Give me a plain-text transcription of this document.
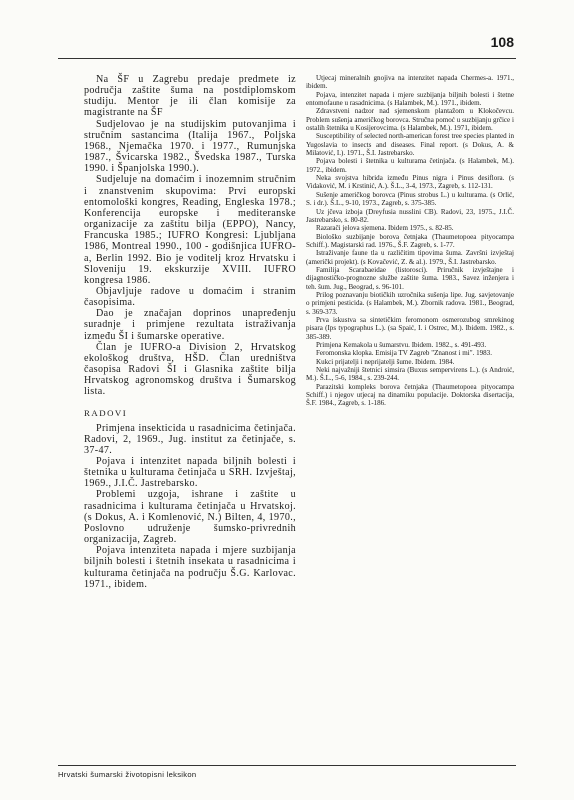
108

Na ŠF u Zagrebu predaje predmete iz područja zaštite šuma na postdiplomskom studiju. Mentor je ili član komisije za magistrante na ŠF

Sudjelovao je na studijskim putovanjima i stručnim sastancima (Italija 1967., Poljska 1968., Njemačka 1970. i 1977., Rumunjska 1987., Švicarska 1982., Švedska 1987., Turska 1990. i Španjolska 1990.).

Sudjeluje na domaćim i inozemnim stručnim i znanstvenim skupovima: Prvi europski entomološki kongres, Reading, Engleska 1978.; Konferencija europske i mediteranske organizacije za zaštitu bilja (EPPO), Nancy, Francuska 1985.; IUFRO Kongresi: Ljubljana 1986, Montreal 1990., 100 - godišnjica IUFRO-a, Berlin 1992. Bio je voditelj kroz Hrvatsku i Sloveniju 19. ekskurzije XVIII. IUFRO kongresa 1986.

Objavljuje radove u domaćim i stranim časopisima.

Dao je značajan doprinos unapređenju suradnje i primjene rezultata istraživanja između ŠI i šumarske operative.

Član je IUFRO-a Division 2, Hrvatskog ekološkog društva, HŠD. Član uredništva časopisa Radovi ŠI i Glasnika zaštite bilja Hrvatskog agronomskog društva i Šumarskog lista.

RADOVI

Primjena insekticida u rasadnicima četinjača. Radovi, 2, 1969., Jug. institut za četinjače, s. 37-47.

Pojava i intenzitet napada biljnih bolesti i štetnika u kulturama četinjača u SRH. Izvještaj, 1969., J.I.Č. Jastrebarsko.

Problemi uzgoja, ishrane i zaštite u rasadnicima i kulturama četinjača u Hrvatskoj. (s Dokus, A. i Komlenović, N.) Bilten, 4, 1970., Poslovno udruženje šumsko-privrednih organizacija, Zagreb.

Pojava intenziteta napada i mjere suzbijanja biljnih bolesti i štetnih insekata u rasadnicima i kulturama četinjača na području Š.G. Karlovac. 1971., ibidem.

Utjecaj mineralnih gnojiva na intenzitet napada Chermes-a. 1971., ibidem.

Pojava, intenzitet napada i mjere suzbijanja biljnih bolesti i štetne entomofaune u rasadnicima. (s Halambek, M.). 1971., ibidem.

Zdravstveni nadzor nad sjemenskom plantažom u Klokočevcu. Problem sušenja američkog borovca. Stručna pomoć u suzbijanju grčice i ostalih štetnika u Kosijerovcima. (s Halambek, M.). 1971, ibidem.

Susceptibility of selected north-american forest tree species planted in Yugoslavia to insects and diseases. Final report. (s Dokus, A. & Milatović, I.). 1971., Š.I. Jastrebarsko.

Pojava bolesti i štetnika u kulturama četinjača. (s Halambek, M.). 1972., ibidem.

Neka svojstva hibrida između Pinus nigra i Pinus desiflora. (s Vidaković, M. i Krstinić, A.). Š.L., 3-4, 1973., Zagreb, s. 112-131.

Sušenje američkog borovca (Pinus strobus L.) u kulturama. (s Orlić, S. i dr.). Š.L., 9-10, 1973., Zagreb, s. 375-385.

Uz jčeva izboja (Dreyfusia nusslini CB). Radovi, 23, 1975., J.I.Č. Jastrebarsko, s. 80-82.

Razarači jelova sjemena. Ibidem 1975., s. 82-85.

Biološko suzbijanje borova četnjaka (Thaumetopoea pityocampa Schiff.). Magistarski rad. 1976., Š.F. Zagreb, s. 1-77.

Istraživanje faune tla u različitim tipovima šuma. Završni izvještaj (američki projekt). (s Kovačević, Z. & al.). 1979., Š.I. Jastrebarsko.

Familija Scarabaeidae (listorosci). Priručnik izvještajne i dijagnostičko-prognozne službe zaštite šuma. 1983., Savez inženjera i teh. šum. Jug., Beograd, s. 96-101.

Prilog poznavanju biotičkih uzročnika sušenja lipe. Jug. savjetovanje o primjeni pesticida. (s Halambek, M.). Zbornik radova. 1981., Beograd, s. 369-373.

Prva iskustva sa sintetičkim feromonom osmerozubog smrekinog pisara (Ips typographus L.). (sa Spaić, I. i Ostrec, M.). Ibidem. 1982., s. 385-389.

Primjena Kemakola u šumarstvu. Ibidem. 1982., s. 491-493.

Feromonska klopka. Emisija TV Zagreb "Znanost i mi". 1983.

Kukci prijatelji i neprijatelji šume. Ibidem. 1984.

Neki najvažniji štetnici simsira (Buxus sempervirens L.). (s Androić, M.). Š.L., 5-6, 1984., s. 239-244.

Parazitski kompleks borova četnjaka (Thaumetopoea pityocampa Schiff.) i njegov utjecaj na dinamiku populacije. Doktorska disertacija, Š.F. 1984., Zagreb, s. 1-186.

Hrvatski šumarski životopisni leksikon
